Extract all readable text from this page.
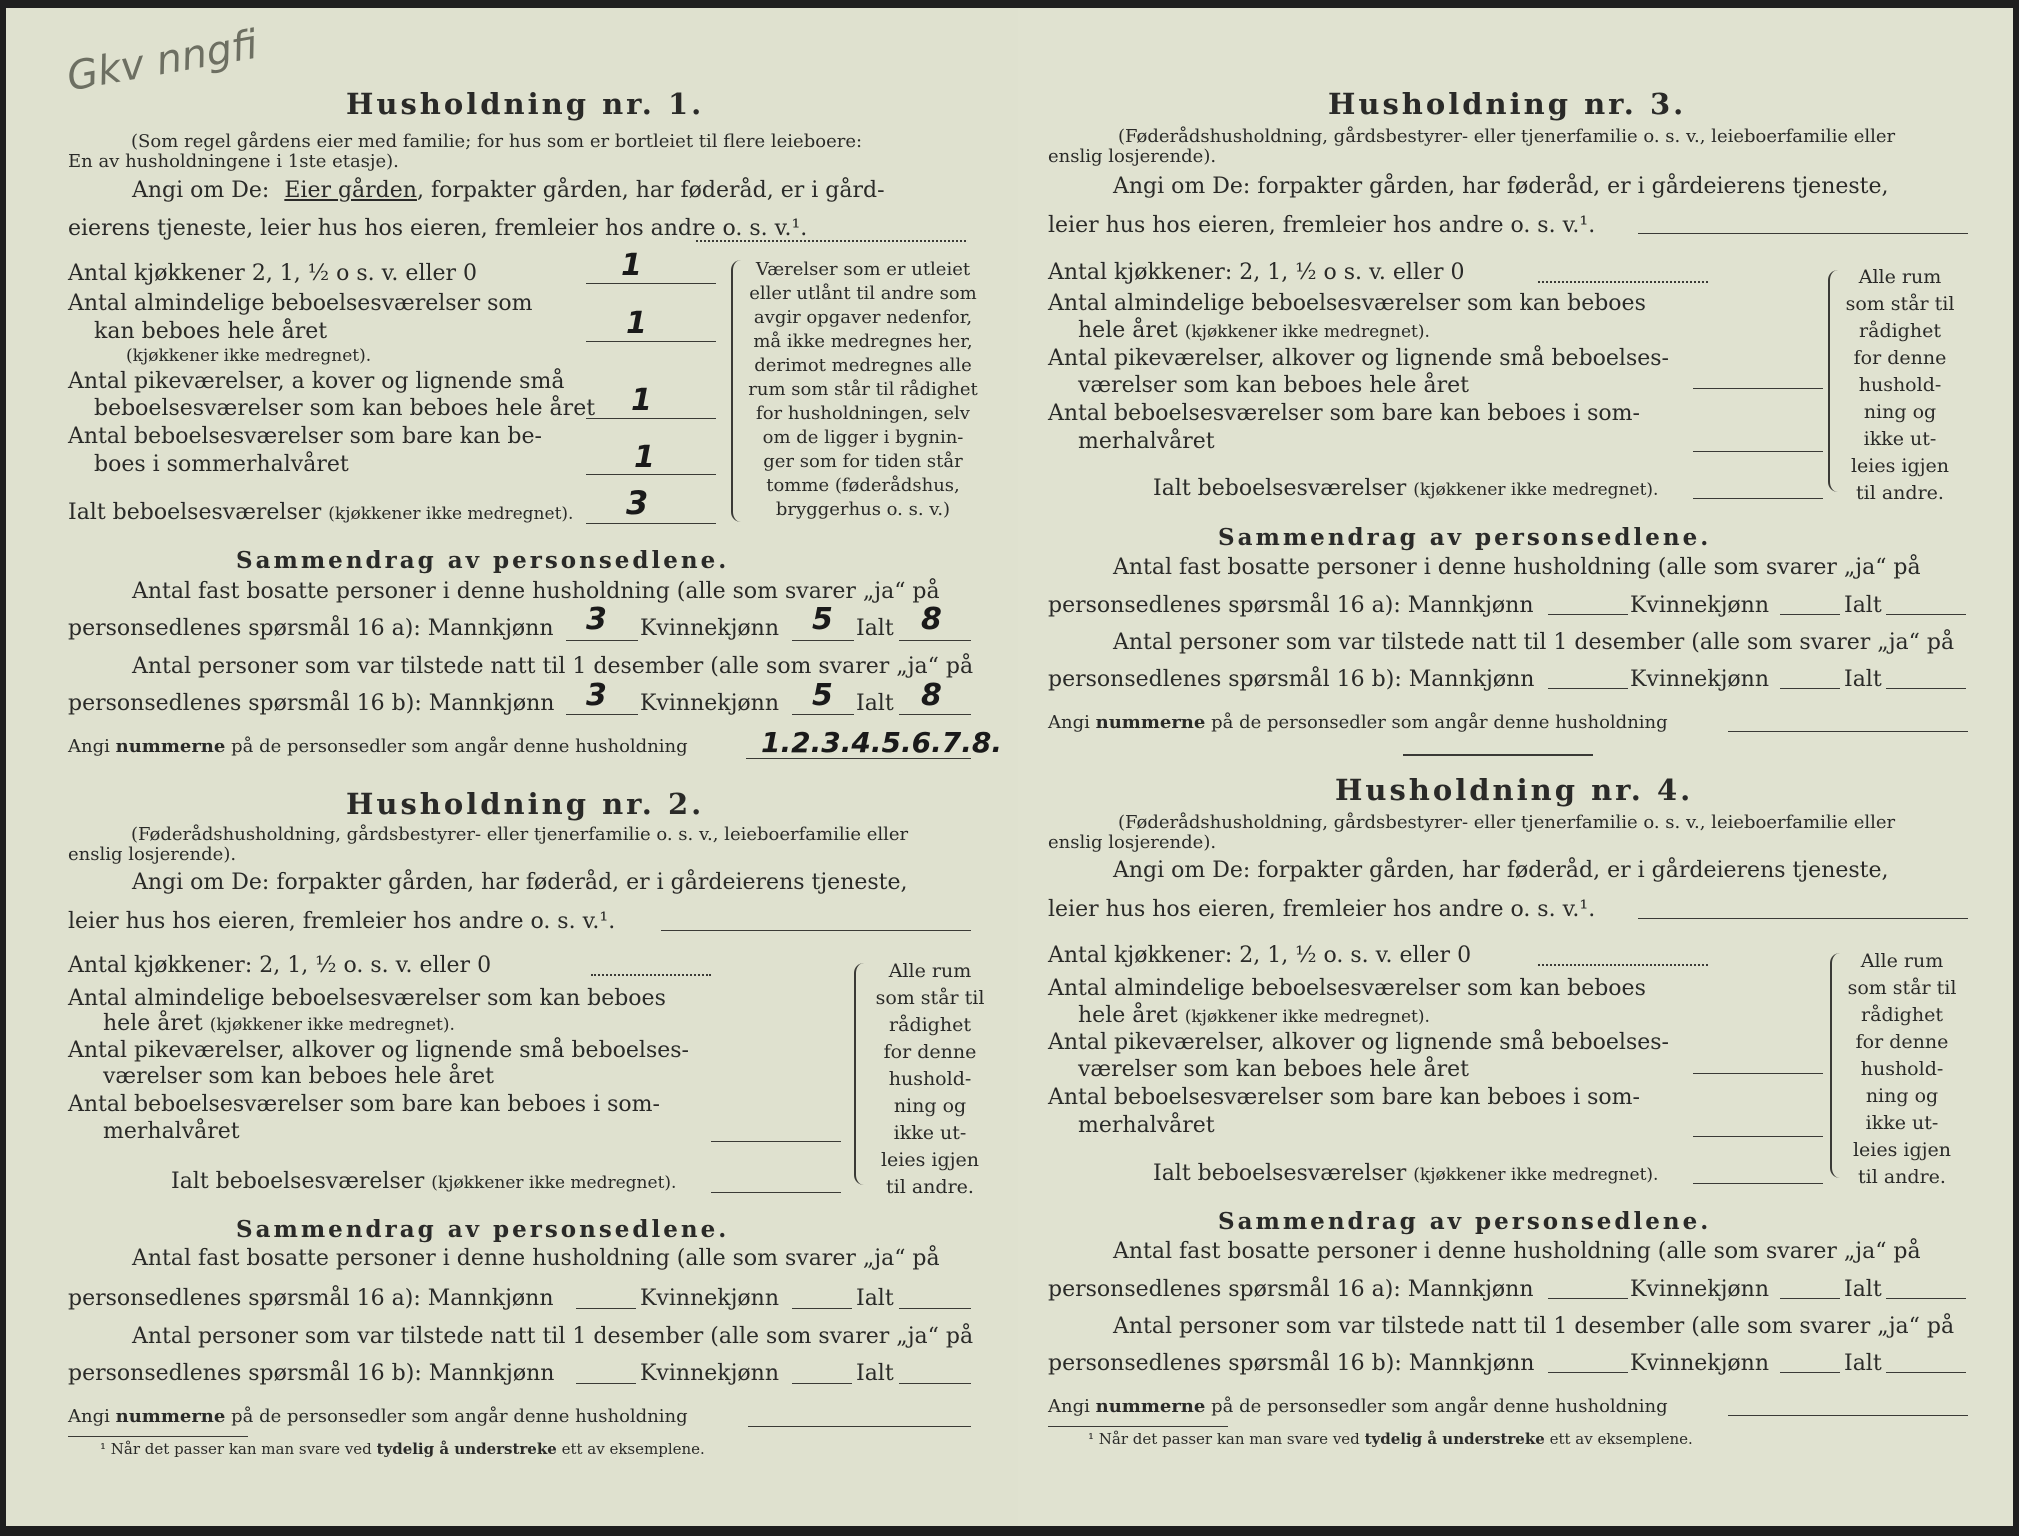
Gkv nngfi
Husholdning nr. 1.
(Som regel gårdens eier med familie; for hus som er bortleiet til flere leieboere:
En av husholdningene i 1ste etasje).
Angi om De: Eier gården, forpakter gården, har føderåd, er i gård-
eierens tjeneste, leier hus hos eieren, fremleier hos andre o. s. v.¹.
Antal kjøkkener 2, 1, ½ o s. v. eller 0	1
Antal almindelige beboelsesværelser som
kan beboes hele året
(kjøkkener ikke medregnet).
1
Antal pikeværelser, a kover og lignende små
beboelsesværelser som kan beboes hele året 1
Antal beboelsesværelser som bare kan be-
boes i sommerhalvåret	1
Ialt beboelsesværelser (kjøkkener ikke medregnet). 3
Værelser som er utleiet
eller utlånt til andre som
avgir opgaver nedenfor,
må ikke medregnes her,
derimot medregnes alle
rum som står til rådighet
for husholdningen, selv
om de ligger i bygnin-
ger som for tiden står
tomme (føderådshus,
bryggerhus o. s. v.)
Sammendrag av personsedlene.
Antal fast bosatte personer i denne husholdning (alle som svarer „ja“ på
personsedlenes spørsmål 16 a): Mannkjønn 3 Kvinnekjønn 5 Ialt 8
Antal personer som var tilstede natt til 1 desember (alle som svarer „ja“ på
personsedlenes spørsmål 16 b): Mannkjønn 3 Kvinnekjønn 5 Ialt 8
Angi nummerne på de personsedler som angår denne husholdning	1.2.3.4.5.6.7.8.
Husholdning nr. 2.
(Føderådshusholdning, gårdsbestyrer- eller tjenerfamilie o. s. v., leieboerfamilie eller
enslig losjerende).
Angi om De: forpakter gården, har føderåd, er i gårdeierens tjeneste,
leier hus hos eieren, fremleier hos andre o. s. v.¹.
Antal kjøkkener: 2, 1, ½ o. s. v. eller 0
Antal almindelige beboelsesværelser som kan beboes
hele året (kjøkkener ikke medregnet).
Antal pikeværelser, alkover og lignende små beboelses-
værelser som kan beboes hele året
Antal beboelsesværelser som bare kan beboes i som-
merhalvåret
Ialt beboelsesværelser (kjøkkener ikke medregnet).
Alle rum
som står til
rådighet
for denne
hushold-
ning og
ikke ut-
leies igjen
til andre.
Sammendrag av personsedlene.
Antal fast bosatte personer i denne husholdning (alle som svarer „ja“ på
personsedlenes spørsmål 16 a): Mannkjønn	Kvinnekjønn	Ialt
Antal personer som var tilstede natt til 1 desember (alle som svarer „ja“ på
personsedlenes spørsmål 16 b): Mannkjønn	Kvinnekjønn	Ialt
Angi nummerne på de personsedler som angår denne husholdning
¹ Når det passer kan man svare ved tydelig å understreke ett av eksemplene.
Husholdning nr. 3.
(Føderådshusholdning, gårdsbestyrer- eller tjenerfamilie o. s. v., leieboerfamilie eller
enslig losjerende).
Angi om De: forpakter gården, har føderåd, er i gårdeierens tjeneste,
leier hus hos eieren, fremleier hos andre o. s. v.¹.
Antal kjøkkener: 2, 1, ½ o s. v. eller 0
Antal almindelige beboelsesværelser som kan beboes
hele året (kjøkkener ikke medregnet).
Antal pikeværelser, alkover og lignende små beboelses-
værelser som kan beboes hele året
Antal beboelsesværelser som bare kan beboes i som-
merhalvåret
Ialt beboelsesværelser (kjøkkener ikke medregnet).
Alle rum
som står til
rådighet
for denne
hushold-
ning og
ikke ut-
leies igjen
til andre.
Sammendrag av personsedlene.
Antal fast bosatte personer i denne husholdning (alle som svarer „ja“ på
personsedlenes spørsmål 16 a): Mannkjønn	Kvinnekjønn	Ialt
Antal personer som var tilstede natt til 1 desember (alle som svarer „ja“ på
personsedlenes spørsmål 16 b): Mannkjønn	Kvinnekjønn	Ialt
Angi nummerne på de personsedler som angår denne husholdning
Husholdning nr. 4.
(Føderådshusholdning, gårdsbestyrer- eller tjenerfamilie o. s. v., leieboerfamilie eller
enslig losjerende).
Angi om De: forpakter gården, har føderåd, er i gårdeierens tjeneste,
leier hus hos eieren, fremleier hos andre o. s. v.¹.
Antal kjøkkener: 2, 1, ½ o. s. v. eller 0
Antal almindelige beboelsesværelser som kan beboes
hele året (kjøkkener ikke medregnet).
Antal pikeværelser, alkover og lignende små beboelses-
værelser som kan beboes hele året
Antal beboelsesværelser som bare kan beboes i som-
merhalvåret
Ialt beboelsesværelser (kjøkkener ikke medregnet).
Alle rum
som står til
rådighet
for denne
hushold-
ning og
ikke ut-
leies igjen
til andre.
Sammendrag av personsedlene.
Antal fast bosatte personer i denne husholdning (alle som svarer „ja“ på
personsedlenes spørsmål 16 a): Mannkjønn	Kvinnekjønn	Ialt
Antal personer som var tilstede natt til 1 desember (alle som svarer „ja“ på
personsedlenes spørsmål 16 b): Mannkjønn	Kvinnekjønn	Ialt
Angi nummerne på de personsedler som angår denne husholdning
¹ Når det passer kan man svare ved tydelig å understreke ett av eksemplene.
